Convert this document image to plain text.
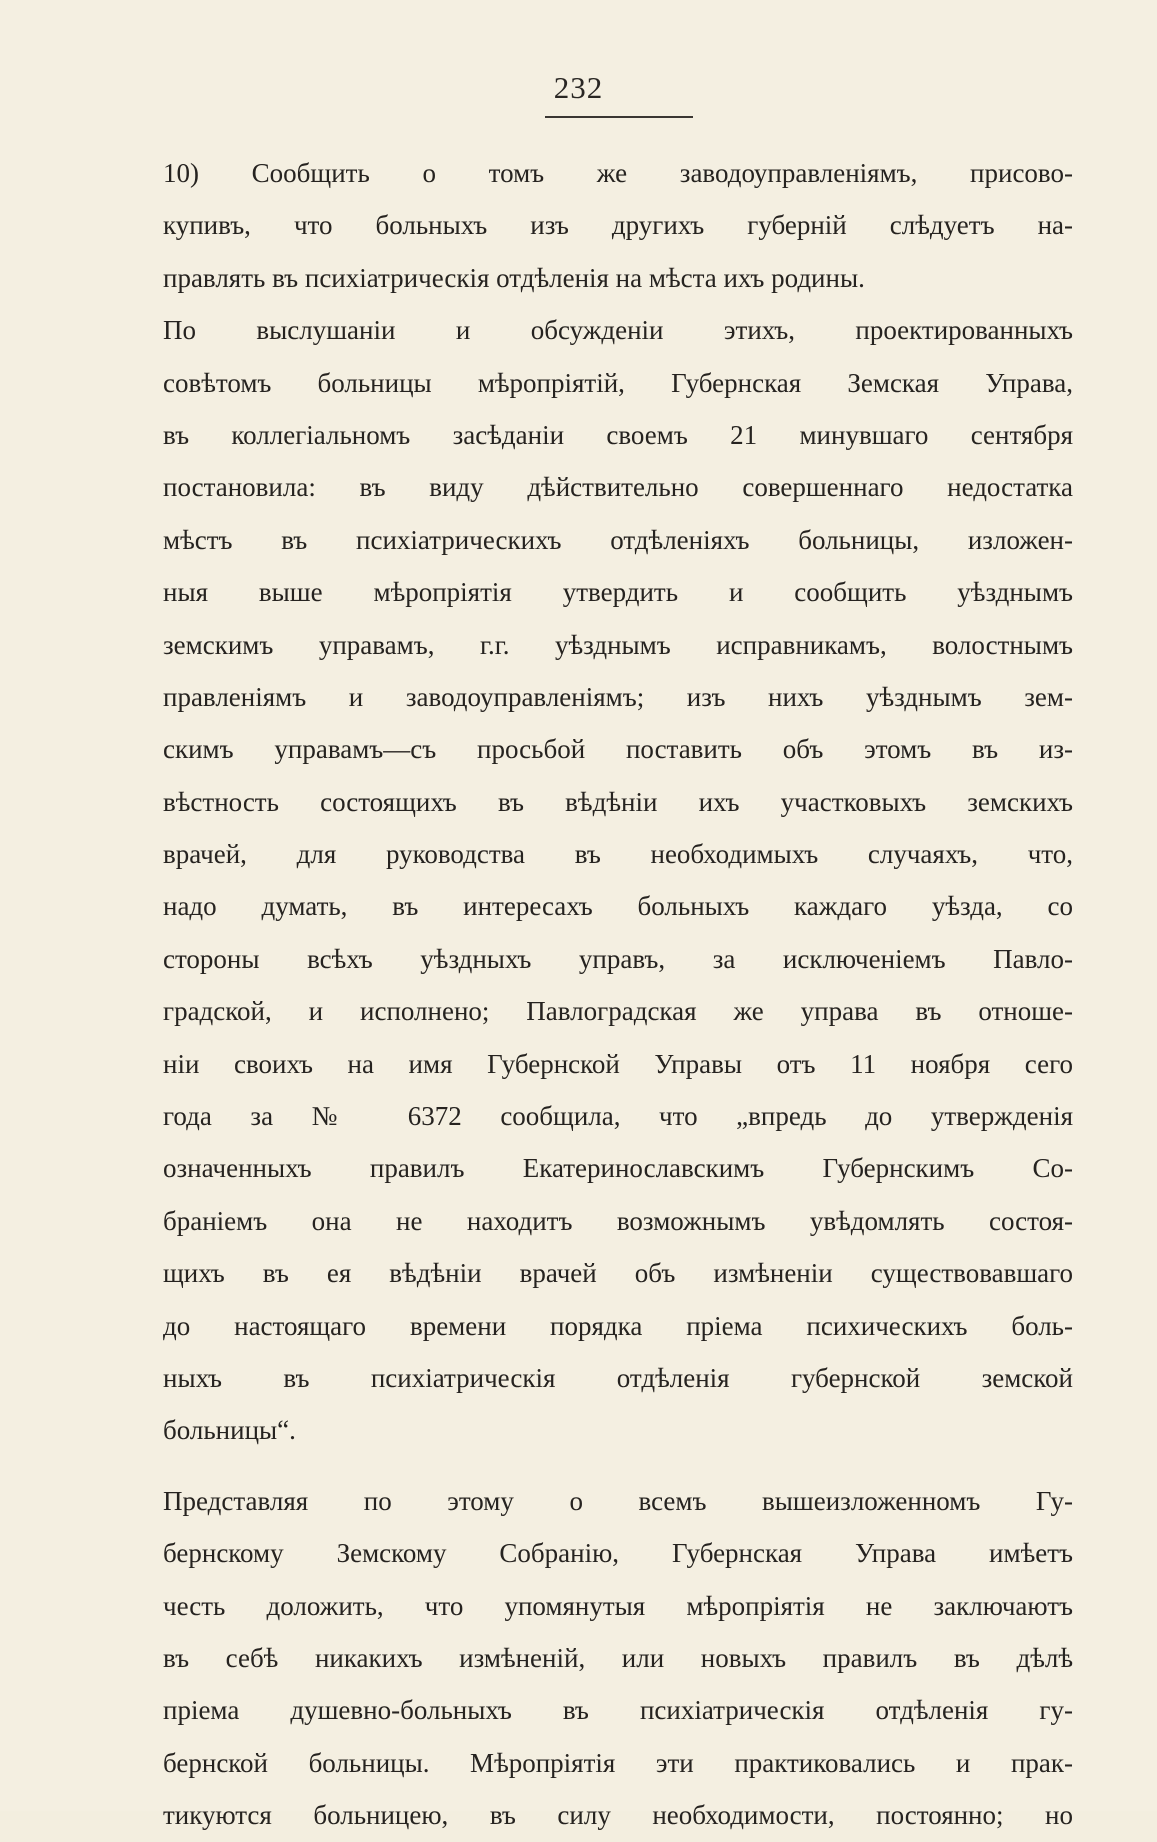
232
10) Сообщить о томъ же заводоуправленіямъ, присово-
купивъ, что больныхъ изъ другихъ губерній слѣдуетъ на-
правлять въ психіатрическія отдѣленія на мѣста ихъ родины.
По выслушаніи и обсужденіи этихъ, проектированныхъ
совѣтомъ больницы мѣропріятій, Губернская Земская Управа,
въ коллегіальномъ засѣданіи своемъ 21 минувшаго сентября
постановила: въ виду дѣйствительно совершеннаго недостатка
мѣстъ въ психіатрическихъ отдѣленіяхъ больницы, изложен-
ныя выше мѣропріятія утвердить и сообщить уѣзднымъ
земскимъ управамъ, г.г. уѣзднымъ исправникамъ, волостнымъ
правленіямъ и заводоуправленіямъ; изъ нихъ уѣзднымъ зем-
скимъ управамъ—съ просьбой поставить объ этомъ въ из-
вѣстность состоящихъ въ вѣдѣніи ихъ участковыхъ земскихъ
врачей, для руководства въ необходимыхъ случаяхъ, что,
надо думать, въ интересахъ больныхъ каждаго уѣзда, со
стороны всѣхъ уѣздныхъ управъ, за исключеніемъ Павло-
градской, и исполнено; Павлоградская же управа въ отноше-
ніи своихъ на имя Губернской Управы отъ 11 ноября сего
года за № 6372 сообщила, что „впредь до утвержденія
означенныхъ правилъ Екатеринославскимъ Губернскимъ Со-
браніемъ она не находитъ возможнымъ увѣдомлять состоя-
щихъ въ ея вѣдѣніи врачей объ измѣненіи существовавшаго
до настоящаго времени порядка пріема психическихъ боль-
ныхъ въ психіатрическія отдѣленія губернской земской
больницы“.
Представляя по этому о всемъ вышеизложенномъ Гу-
бернскому Земскому Собранію, Губернская Управа имѣетъ
честь доложить, что упомянутыя мѣропріятія не заключаютъ
въ себѣ никакихъ измѣненій, или новыхъ правилъ въ дѣлѣ
пріема душевно-больныхъ въ психіатрическія отдѣленія гу-
бернской больницы. Мѣропріятія эти практиковались и прак-
тикуются больницею, въ силу необходимости, постоянно; но
